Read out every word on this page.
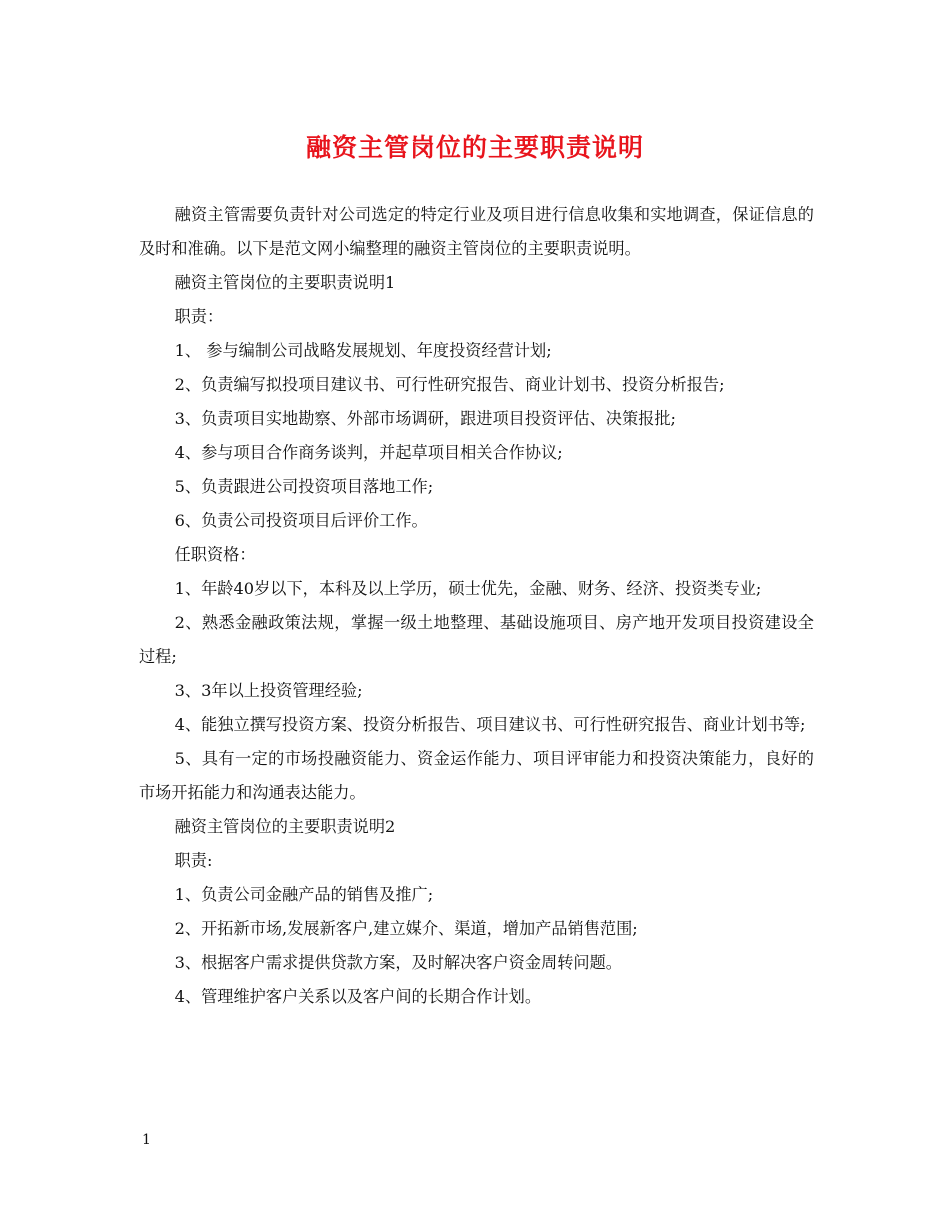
融资主管岗位的主要职责说明

融资主管需要负责针对公司选定的特定行业及项目进行信息收集和实地调查，保证信息的及时和准确。以下是范文网小编整理的融资主管岗位的主要职责说明。

融资主管岗位的主要职责说明1

职责：

1、 参与编制公司战略发展规划、年度投资经营计划;

2、负责编写拟投项目建议书、可行性研究报告、商业计划书、投资分析报告;

3、负责项目实地勘察、外部市场调研，跟进项目投资评估、决策报批;

4、参与项目合作商务谈判，并起草项目相关合作协议;

5、负责跟进公司投资项目落地工作;

6、负责公司投资项目后评价工作。

任职资格：

1、年龄40岁以下，本科及以上学历，硕士优先，金融、财务、经济、投资类专业;

2、熟悉金融政策法规，掌握一级土地整理、基础设施项目、房产地开发项目投资建设全过程;

3、3年以上投资管理经验;

4、能独立撰写投资方案、投资分析报告、项目建议书、可行性研究报告、商业计划书等;

5、具有一定的市场投融资能力、资金运作能力、项目评审能力和投资决策能力，良好的市场开拓能力和沟通表达能力。

融资主管岗位的主要职责说明2

职责:

1、负责公司金融产品的销售及推广;

2、开拓新市场,发展新客户,建立媒介、渠道，增加产品销售范围;

3、根据客户需求提供贷款方案，及时解决客户资金周转问题。

4、管理维护客户关系以及客户间的长期合作计划。

1
